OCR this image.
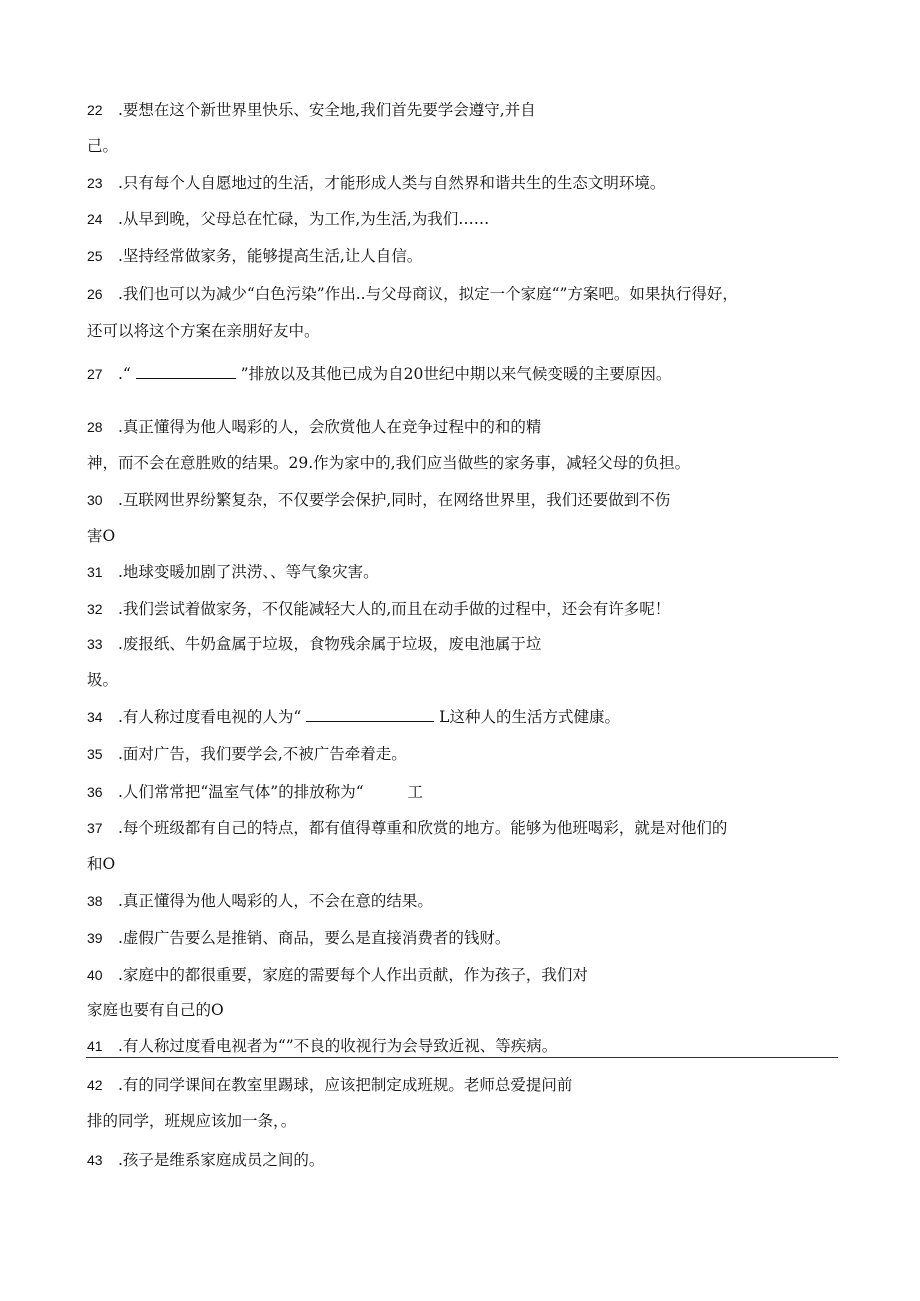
22 .要想在这个新世界里快乐、安全地,我们首先要学会遵守,并自
己。
23 .只有每个人自愿地过的生活，才能形成人类与自然界和谐共生的生态文明环境。
24 .从早到晚，父母总在忙碌，为工作,为生活,为我们……
25 .坚持经常做家务，能够提高生活,让人自信。
26 .我们也可以为减少“白色污染”作出..与父母商议，拟定一个家庭“”方案吧。如果执行得好，
还可以将这个方案在亲朋好友中。
27 .“	”排放以及其他已成为自20世纪中期以来气候变暖的主要原因。
28 .真正懂得为他人喝彩的人，会欣赏他人在竞争过程中的和的精
神，而不会在意胜败的结果。29.作为家中的,我们应当做些的家务事，减轻父母的负担。
30 .互联网世界纷繁复杂，不仅要学会保护,同时，在网络世界里，我们还要做到不伤
害O
31 .地球变暖加剧了洪涝、、等气象灾害。
32 .我们尝试着做家务，不仅能减轻大人的,而且在动手做的过程中，还会有许多呢！
33 .废报纸、牛奶盒属于垃圾，食物残余属于垃圾，废电池属于垃
圾。
34 .有人称过度看电视的人为“	L这种人的生活方式健康。
35 .面对广告，我们要学会,不被广告牵着走。
36 .人们常常把“温室气体”的排放称为“	工
37 .每个班级都有自己的特点，都有值得尊重和欣赏的地方。能够为他班喝彩，就是对他们的
和O
38 .真正懂得为他人喝彩的人，不会在意的结果。
39 .虚假广告要么是推销、商品，要么是直接消费者的钱财。
40 .家庭中的都很重要，家庭的需要每个人作出贡献，作为孩子，我们对
家庭也要有自己的O
41 .有人称过度看电视者为“”不良的收视行为会导致近视、等疾病。
42 .有的同学课间在教室里踢球，应该把制定成班规。老师总爱提问前
排的同学，班规应该加一条，。
43 .孩子是维系家庭成员之间的。
